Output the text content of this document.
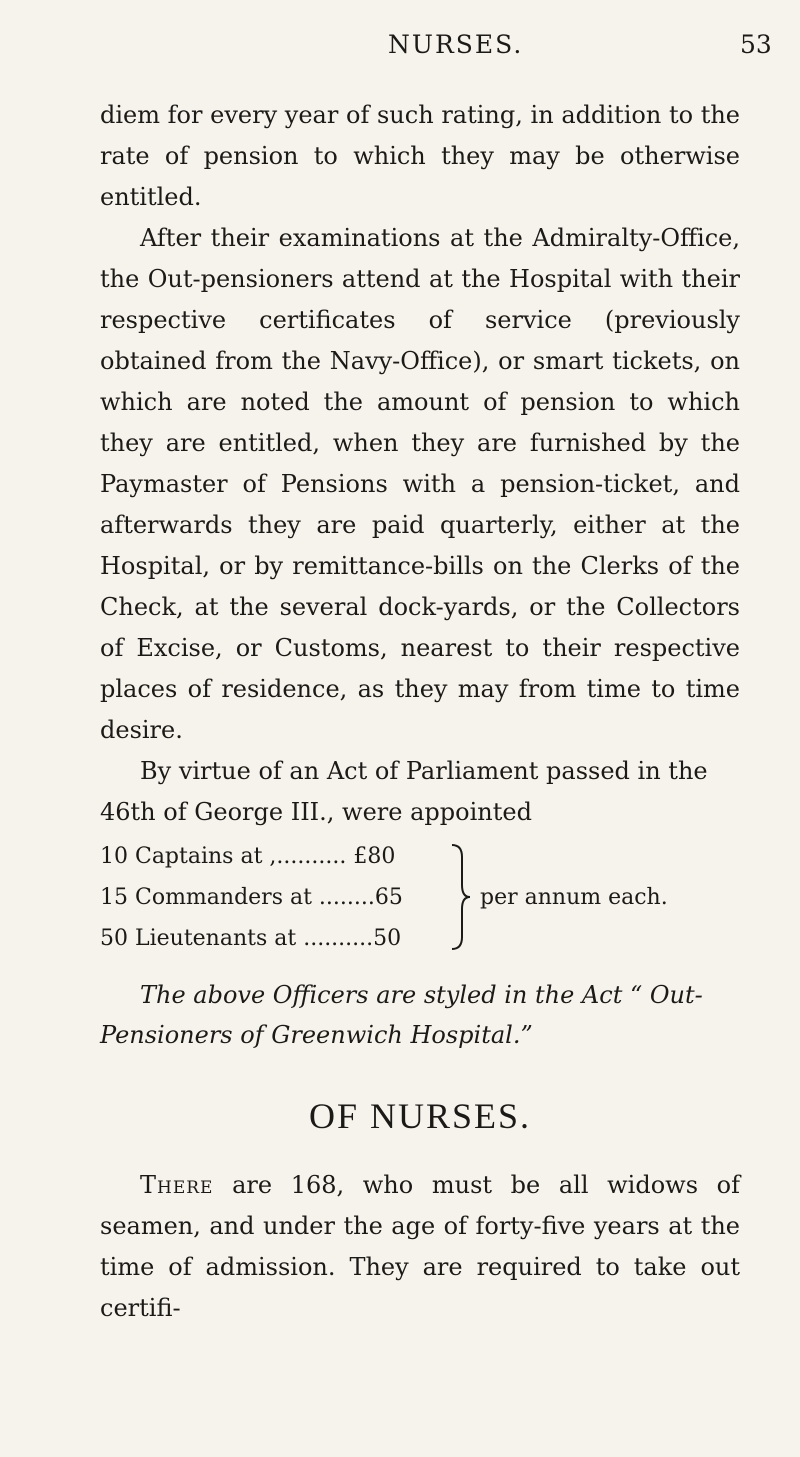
NURSES.	53

diem for every year of such rating, in addition to the rate of pension to which they may be otherwise entitled.

After their examinations at the Admiralty-Office, the Out-pensioners attend at the Hospital with their respective certificates of service (previously obtained from the Navy-Office), or smart tickets, on which are noted the amount of pension to which they are entitled, when they are furnished by the Paymaster of Pensions with a pension-ticket, and afterwards they are paid quarterly, either at the Hospital, or by remittance-bills on the Clerks of the Check, at the several dock-yards, or the Collectors of Excise, or Customs, nearest to their respective places of residence, as they may from time to time desire.

By virtue of an Act of Parliament passed in the 46th of George III., were appointed

10 Captains at ,.......... £80
15 Commanders at ........65
50 Lieutenants at ..........50
per annum each.

The above Officers are styled in the Act “ Out-Pensioners of Greenwich Hospital.”

OF NURSES.

There are 168, who must be all widows of seamen, and under the age of forty-five years at the time of admission. They are required to take out certifi-
